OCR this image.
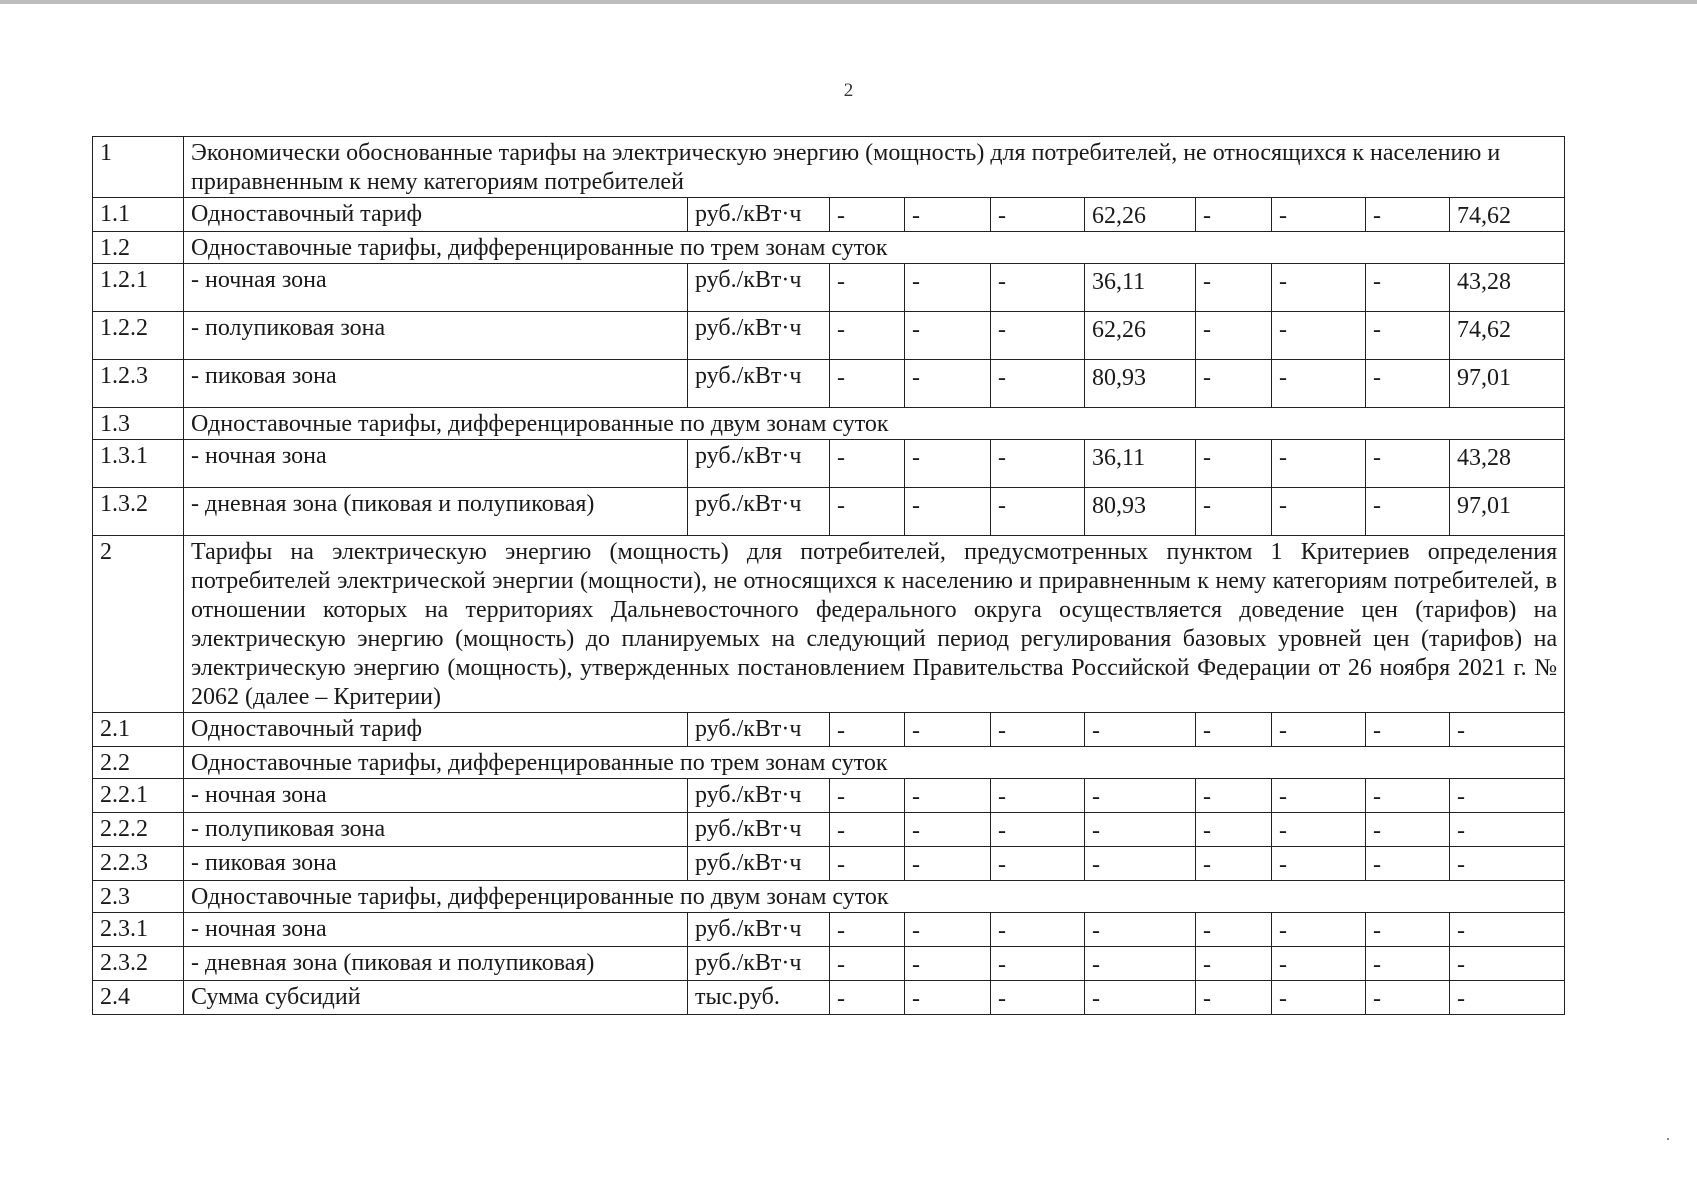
2
1	Экономически обоснованные тарифы на электрическую энергию (мощность) для потребителей, не относящихся к населению и приравненным к нему категориям потребителей									
1.1	Одноставочный тариф	руб./кВт·ч	-	-	-	62,26	-	-	-	74,62
1.2	Одноставочные тарифы, дифференцированные по трем зонам суток									
1.2.1	- ночная зона	руб./кВт·ч	-	-	-	36,11	-	-	-	43,28
1.2.2	- полупиковая зона	руб./кВт·ч	-	-	-	62,26	-	-	-	74,62
1.2.3	- пиковая зона	руб./кВт·ч	-	-	-	80,93	-	-	-	97,01
1.3	Одноставочные тарифы, дифференцированные по двум зонам суток									
1.3.1	- ночная зона	руб./кВт·ч	-	-	-	36,11	-	-	-	43,28
1.3.2	- дневная зона (пиковая и полупиковая)	руб./кВт·ч	-	-	-	80,93	-	-	-	97,01
2	Тарифы на электрическую энергию (мощность) для потребителей, предусмотренных пунктом 1 Критериев определения потребителей электрической энергии (мощности), не относящихся к населению и приравненным к нему категориям потребителей, в отношении которых на территориях Дальневосточного федерального округа осуществляется доведение цен (тарифов) на электрическую энергию (мощность) до планируемых на следующий период регулирования базовых уровней цен (тарифов) на электрическую энергию (мощность), утвержденных постановлением Правительства Российской Федерации от 26 ноября 2021 г. № 2062 (далее – Критерии)									
2.1	Одноставочный тариф	руб./кВт·ч	-	-	-	-	-	-	-	-
2.2	Одноставочные тарифы, дифференцированные по трем зонам суток									
2.2.1	- ночная зона	руб./кВт·ч	-	-	-	-	-	-	-	-
2.2.2	- полупиковая зона	руб./кВт·ч	-	-	-	-	-	-	-	-
2.2.3	- пиковая зона	руб./кВт·ч	-	-	-	-	-	-	-	-
2.3	Одноставочные тарифы, дифференцированные по двум зонам суток									
2.3.1	- ночная зона	руб./кВт·ч	-	-	-	-	-	-	-	-
2.3.2	- дневная зона (пиковая и полупиковая)	руб./кВт·ч	-	-	-	-	-	-	-	-
2.4	Сумма субсидий	тыс.руб.	-	-	-	-	-	-	-	-
